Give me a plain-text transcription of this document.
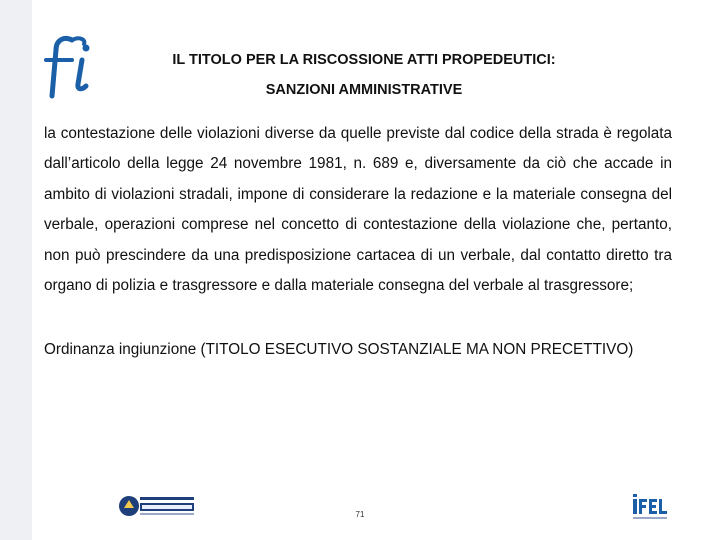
IL TITOLO PER LA RISCOSSIONE ATTI PROPEDEUTICI:
SANZIONI AMMINISTRATIVE

la contestazione delle violazioni diverse da quelle previste dal codice della strada è regolata dall’articolo della legge 24 novembre 1981, n. 689 e, diversamente da ciò che accade in ambito di violazioni stradali, impone di considerare la redazione e la materiale consegna del verbale, operazioni comprese nel concetto di contestazione della violazione che, pertanto, non può prescindere da una predisposizione cartacea di un verbale, dal contatto diretto tra organo di polizia e trasgressore e dalla materiale consegna del verbale al trasgressore;

Ordinanza ingiunzione (TITOLO ESECUTIVO SOSTANZIALE MA NON PRECETTIVO)

71
